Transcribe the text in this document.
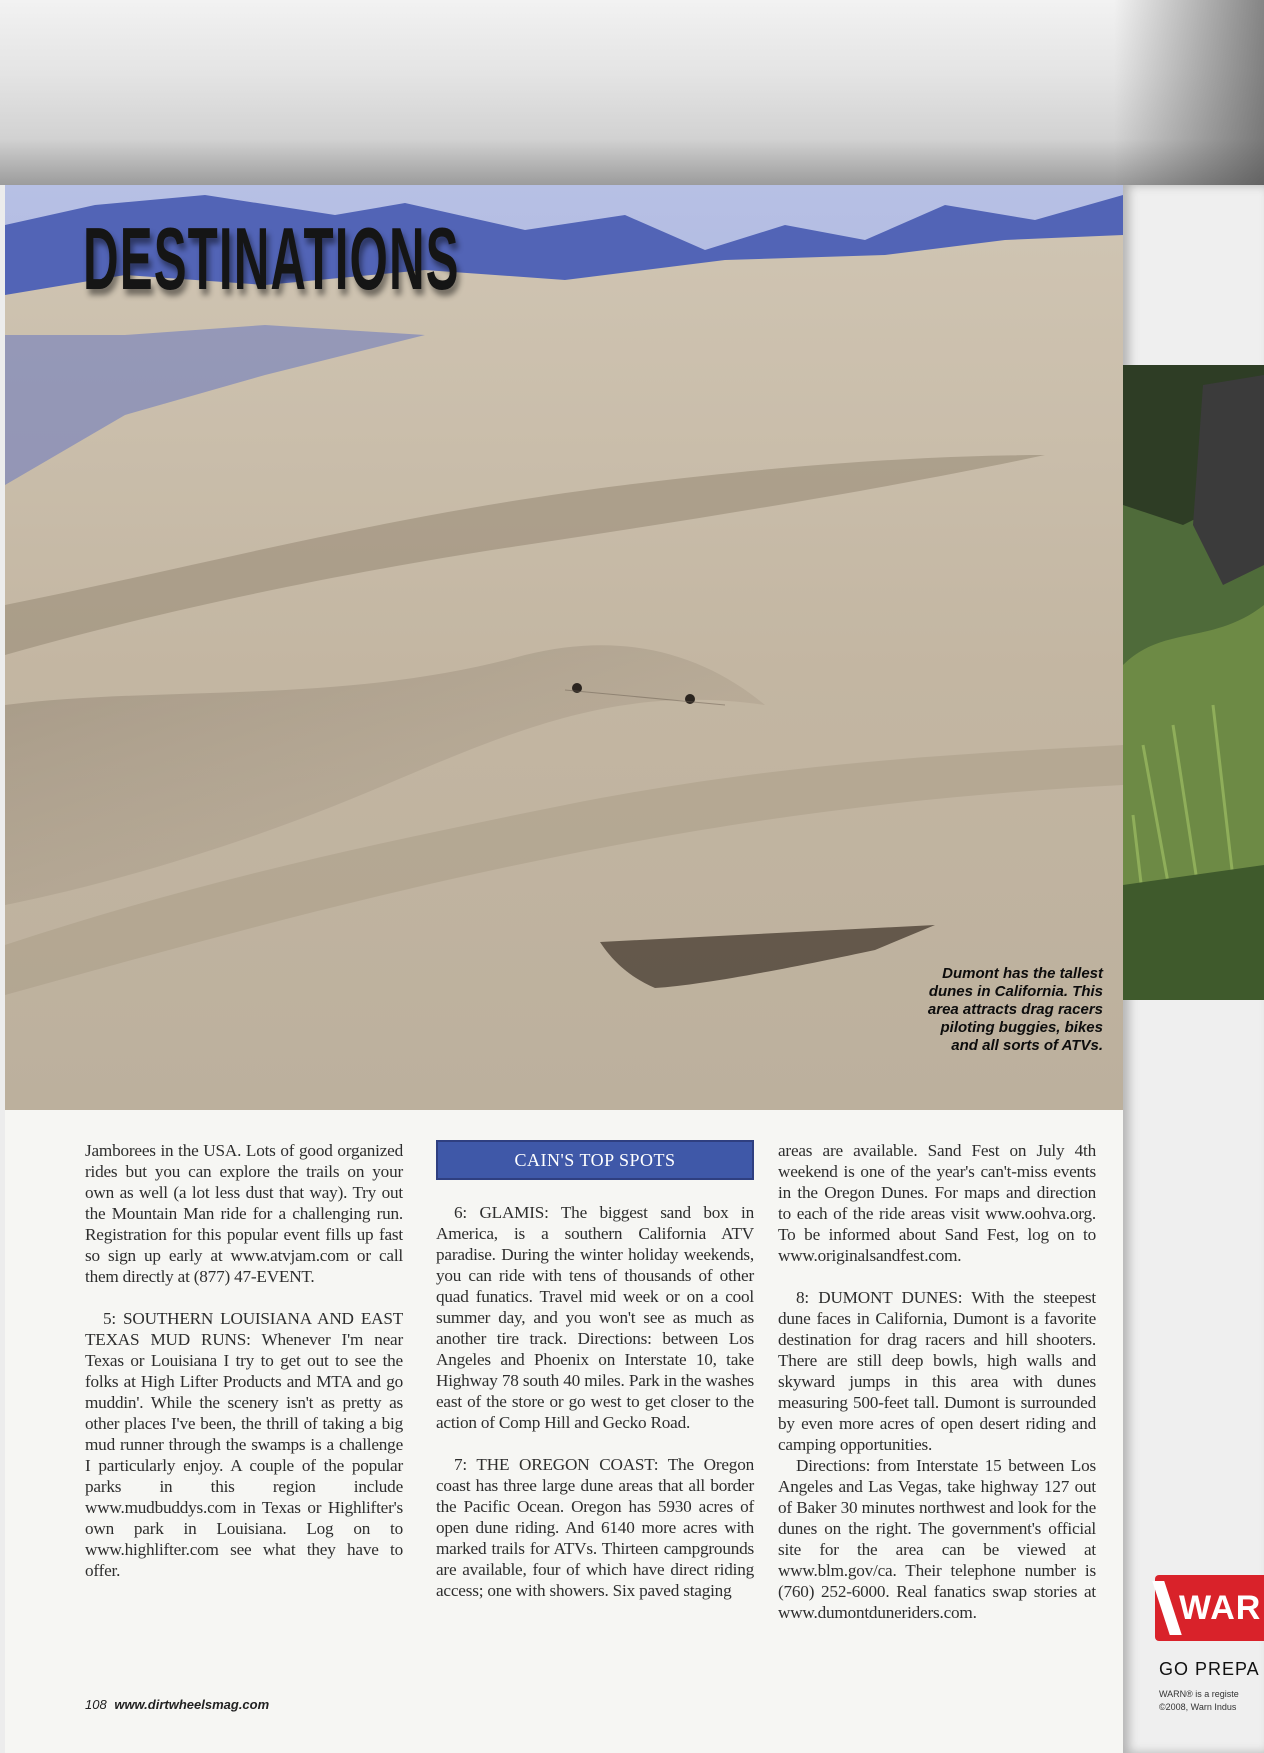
DESTINATIONS

Dumont has the tallest dunes in California. This area attracts drag racers piloting buggies, bikes and all sorts of ATVs.

Jamborees in the USA. Lots of good organized rides but you can explore the trails on your own as well (a lot less dust that way). Try out the Mountain Man ride for a challenging run. Registration for this popular event fills up fast so sign up early at www.atvjam.com or call them directly at (877) 47-EVENT.

5: SOUTHERN LOUISIANA AND EAST TEXAS MUD RUNS: Whenever I'm near Texas or Louisiana I try to get out to see the folks at High Lifter Products and MTA and go muddin'. While the scenery isn't as pretty as other places I've been, the thrill of taking a big mud runner through the swamps is a challenge I particularly enjoy. A couple of the popular parks in this region include www.mudbuddys.com in Texas or Highlifter's own park in Louisiana. Log on to www.highlifter.com see what they have to offer.

CAIN'S TOP SPOTS

6: GLAMIS: The biggest sand box in America, is a southern California ATV paradise. During the winter holiday weekends, you can ride with tens of thousands of other quad funatics. Travel mid week or on a cool summer day, and you won't see as much as another tire track. Directions: between Los Angeles and Phoenix on Interstate 10, take Highway 78 south 40 miles. Park in the washes east of the store or go west to get closer to the action of Comp Hill and Gecko Road.

7: THE OREGON COAST: The Oregon coast has three large dune areas that all border the Pacific Ocean. Oregon has 5930 acres of open dune riding. And 6140 more acres with marked trails for ATVs. Thirteen campgrounds are available, four of which have direct riding access; one with showers. Six paved staging

areas are available. Sand Fest on July 4th weekend is one of the year's can't-miss events in the Oregon Dunes. For maps and direction to each of the ride areas visit www.oohva.org. To be informed about Sand Fest, log on to www.originalsandfest.com.

8: DUMONT DUNES: With the steepest dune faces in California, Dumont is a favorite destination for drag racers and hill shooters. There are still deep bowls, high walls and skyward jumps in this area with dunes measuring 500-feet tall. Dumont is surrounded by even more acres of open desert riding and camping opportunities.

Directions: from Interstate 15 between Los Angeles and Las Vegas, take highway 127 out of Baker 30 minutes northwest and look for the dunes on the right. The government's official site for the area can be viewed at www.blm.gov/ca. Their telephone number is (760) 252-6000. Real fanatics swap stories at www.dumontduneriders.com.

108 www.dirtwheelsmag.com

WAR

GO PREPA

WARN® is a registe
©2008, Warn Indus
